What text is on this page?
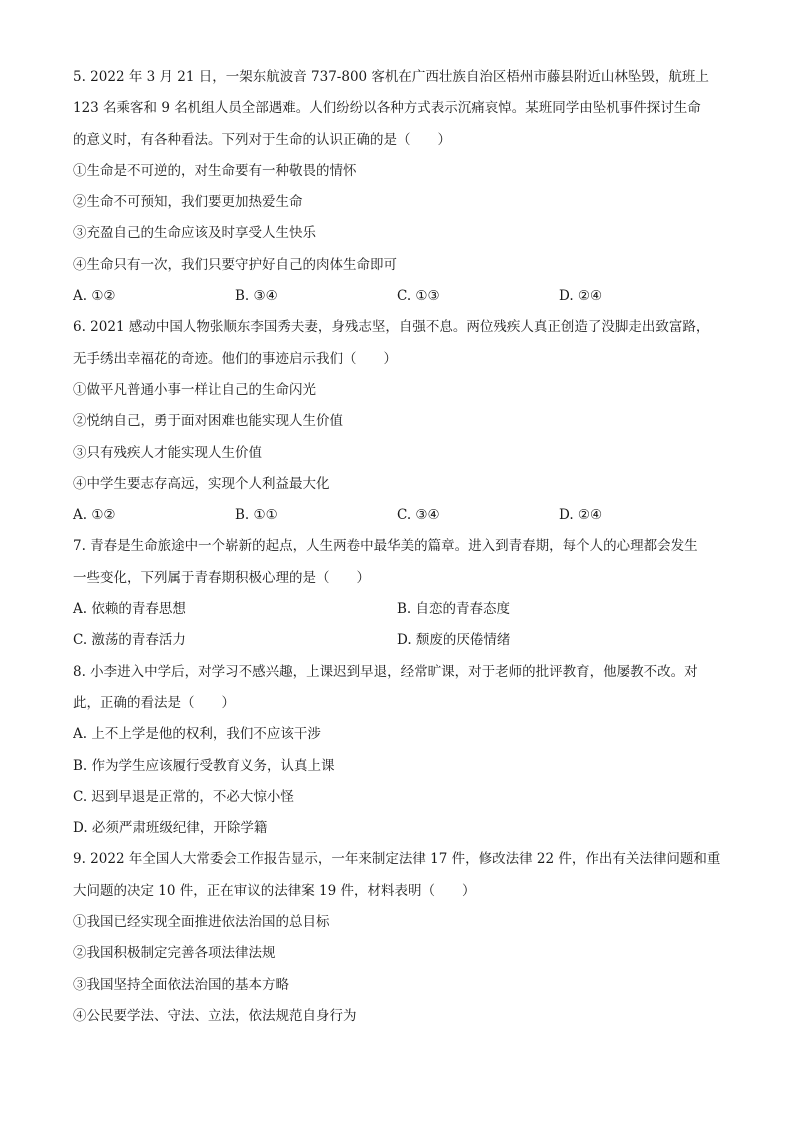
5. 2022 年 3 月 21 日，一架东航波音 737-800 客机在广西壮族自治区梧州市藤县附近山林坠毁，航班上
123 名乘客和 9 名机组人员全部遇难。人们纷纷以各种方式表示沉痛哀悼。某班同学由坠机事件探讨生命
的意义时，有各种看法。下列对于生命的认识正确的是（　　）
①生命是不可逆的，对生命要有一种敬畏的情怀
②生命不可预知，我们要更加热爱生命
③充盈自己的生命应该及时享受人生快乐
④生命只有一次，我们只要守护好自己的肉体生命即可
A. ①②	B. ③④	C. ①③	D. ②④
6. 2021 感动中国人物张顺东李国秀夫妻，身残志坚，自强不息。两位残疾人真正创造了没脚走出致富路，
无手绣出幸福花的奇迹。他们的事迹启示我们（　　）
①做平凡普通小事一样让自己的生命闪光
②悦纳自己，勇于面对困难也能实现人生价值
③只有残疾人才能实现人生价值
④中学生要志存高远，实现个人利益最大化
A. ①②	B. ①①	C. ③④	D. ②④
7. 青春是生命旅途中一个崭新的起点，人生两卷中最华美的篇章。进入到青春期，每个人的心理都会发生
一些变化，下列属于青春期积极心理的是（　　）
A. 依赖的青春思想	B. 自恋的青春态度
C. 激荡的青春活力	D. 颓废的厌倦情绪
8. 小李进入中学后，对学习不感兴趣，上课迟到早退，经常旷课，对于老师的批评教育，他屡教不改。对
此，正确的看法是（　　）
A. 上不上学是他的权利，我们不应该干涉
B. 作为学生应该履行受教育义务，认真上课
C. 迟到早退是正常的，不必大惊小怪
D. 必须严肃班级纪律，开除学籍
9. 2022 年全国人大常委会工作报告显示，一年来制定法律 17 件，修改法律 22 件，作出有关法律问题和重
大问题的决定 10 件，正在审议的法律案 19 件，材料表明（　　）
①我国已经实现全面推进依法治国的总目标
②我国积极制定完善各项法律法规
③我国坚持全面依法治国的基本方略
④公民要学法、守法、立法，依法规范自身行为
